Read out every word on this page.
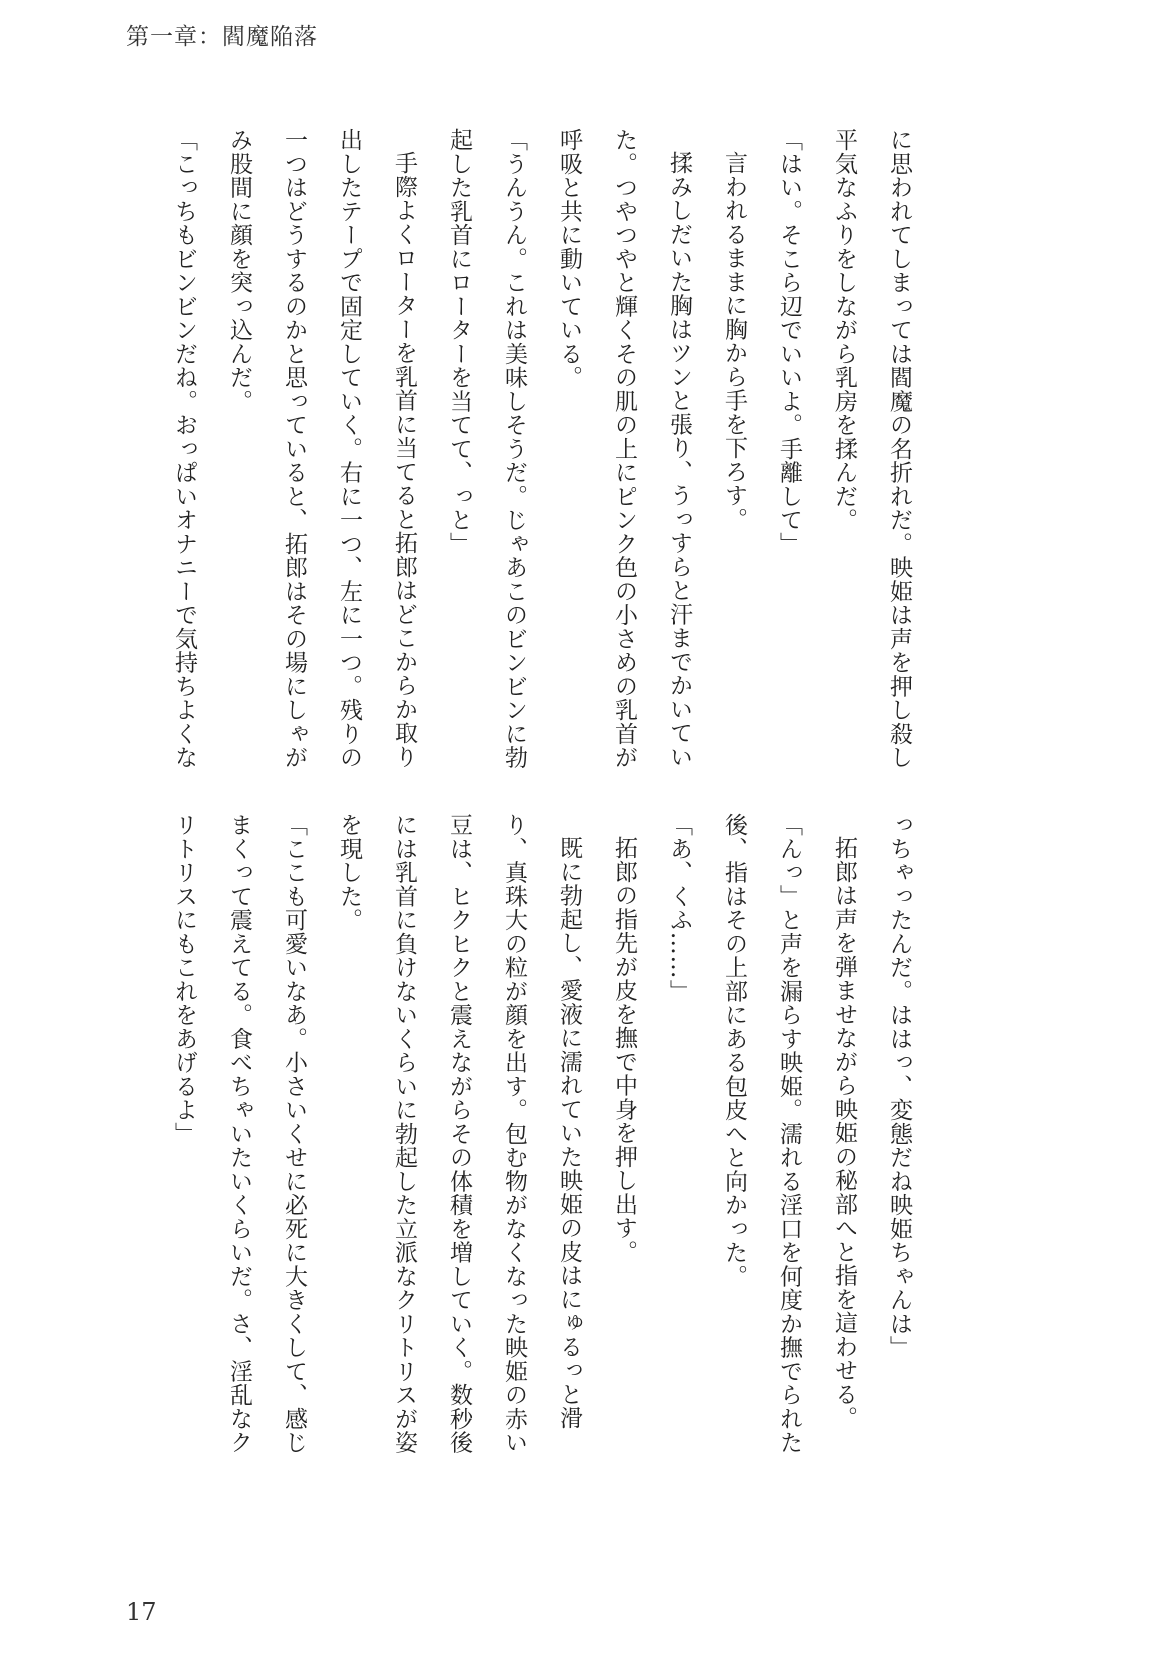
第一章：閻魔陥落
に思われてしまっては閻魔の名折れだ。映姫は声を押し殺し
平気なふりをしながら乳房を揉んだ。
「はい。そこら辺でいいよ。手離して」
言われるままに胸から手を下ろす。
揉みしだいた胸はツンと張り、うっすらと汗までかいてい
た。つやつやと輝くその肌の上にピンク色の小さめの乳首が
呼吸と共に動いている。
「うんうん。これは美味しそうだ。じゃあこのビンビンに勃
起した乳首にローターを当てて、っと」
手際よくローターを乳首に当てると拓郎はどこからか取り
出したテープで固定していく。右に一つ、左に一つ。残りの
一つはどうするのかと思っていると、拓郎はその場にしゃが
み股間に顔を突っ込んだ。
「こっちもビンビンだね。おっぱいオナニーで気持ちよくな
っちゃったんだ。ははっ、変態だね映姫ちゃんは」
拓郎は声を弾ませながら映姫の秘部へと指を這わせる。
「んっ」と声を漏らす映姫。濡れる淫口を何度か撫でられた
後、指はその上部にある包皮へと向かった。
「あ、くふ……」
拓郎の指先が皮を撫で中身を押し出す。
既に勃起し、愛液に濡れていた映姫の皮はにゅるっと滑
り、真珠大の粒が顔を出す。包む物がなくなった映姫の赤い
豆は、ヒクヒクと震えながらその体積を増していく。数秒後
には乳首に負けないくらいに勃起した立派なクリトリスが姿
を現した。
「ここも可愛いなあ。小さいくせに必死に大きくして、感じ
まくって震えてる。食べちゃいたいくらいだ。さ、淫乱なク
リトリスにもこれをあげるよ」
17
